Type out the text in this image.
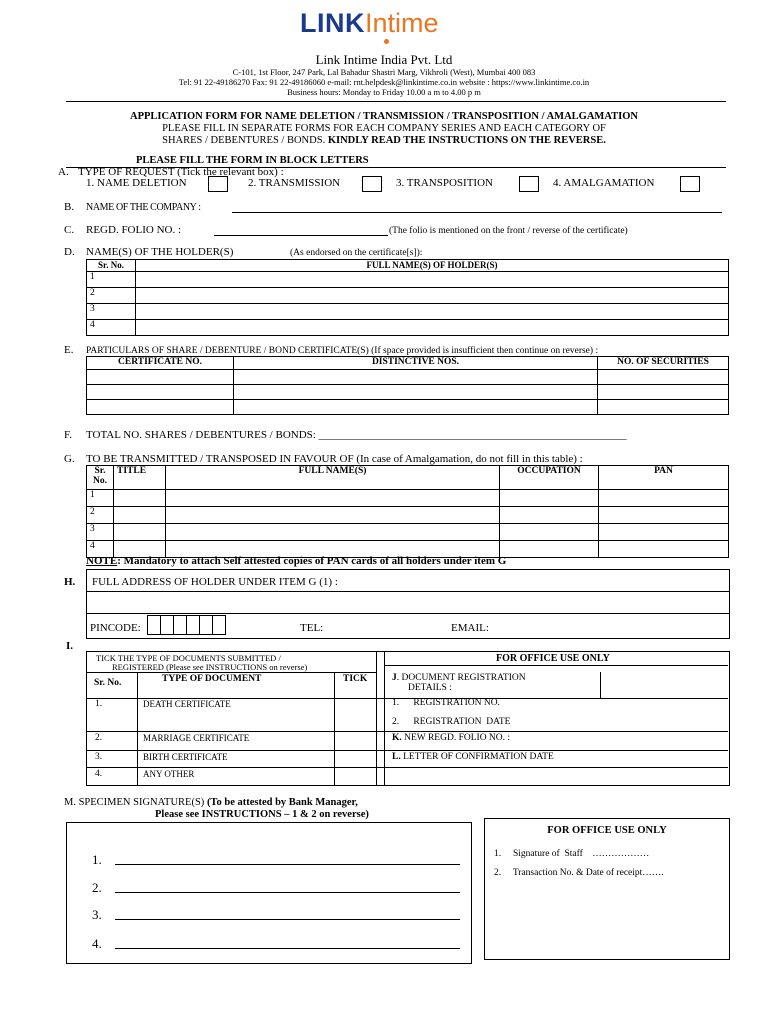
LINKIntime
Link Intime India Pvt. Ltd
C-101, 1st Floor, 247 Park, Lal Bahadur Shastri Marg, Vikhroli (West), Mumbai 400 083
Tel: 91 22-49186270 Fax: 91 22-49186060 e-mail: rnt.helpdesk@linkintime.co.in website : https://www.linkintime.co.in
Business hours: Monday to Friday 10.00 a m to 4.00 p m
APPLICATION FORM FOR NAME DELETION / TRANSMISSION / TRANSPOSITION / AMALGAMATION
PLEASE FILL IN SEPARATE FORMS FOR EACH COMPANY SERIES AND EACH CATEGORY OF
SHARES / DEBENTURES / BONDS. KINDLY READ THE INSTRUCTIONS ON THE REVERSE.
PLEASE FILL THE FORM IN BLOCK LETTERS
A. TYPE OF REQUEST (Tick the relevant box) :
1. NAME DELETION	2. TRANSMISSION	3. TRANSPOSITION	4. AMALGAMATION
B. NAME OF THE COMPANY :
C. REGD. FOLIO NO. :	(The folio is mentioned on the front / reverse of the certificate)
D. NAME(S) OF THE HOLDER(S)	(As endorsed on the certificate[s]):
Sr. No.	FULL NAME(S) OF HOLDER(S)
1	
2	
3	
4	
E. PARTICULARS OF SHARE / DEBENTURE / BOND CERTIFICATE(S) (If space provided is insufficient then continue on reverse) :
CERTIFICATE NO.	DISTINCTIVE NOS.	NO. OF SECURITIES

F. TOTAL NO. SHARES / DEBENTURES / BONDS: ________________________________________________________
G. TO BE TRANSMITTED / TRANSPOSED IN FAVOUR OF (In case of Amalgamation, do not fill in this table) :
Sr. No.	TITLE	FULL NAME(S)	OCCUPATION	PAN
1				
2				
3				
4				
NOTE: Mandatory to attach Self attested copies of PAN cards of all holders under item G
H. FULL ADDRESS OF HOLDER UNDER ITEM G (1) :
PINCODE:	TEL:	EMAIL:
I.
TICK THE TYPE OF DOCUMENTS SUBMITTED /
REGISTERED (Please see INSTRUCTIONS on reverse)
FOR OFFICE USE ONLY
Sr. No.	TYPE OF DOCUMENT	TICK	J. DOCUMENT REGISTRATION
DETAILS :
1.	DEATH CERTIFICATE
2.	MARRIAGE CERTIFICATE
3.	BIRTH CERTIFICATE
4.	ANY OTHER
1.      REGISTRATION NO.
2.      REGISTRATION  DATE
K. NEW REGD. FOLIO NO. :
L. LETTER OF CONFIRMATION DATE
M. SPECIMEN SIGNATURE(S) (To be attested by Bank Manager,
Please see INSTRUCTIONS – 1 & 2 on reverse)
1.
2.
3.
4.
FOR OFFICE USE ONLY
1.     Signature of  Staff    ………………
2.     Transaction No. & Date of receipt…….
